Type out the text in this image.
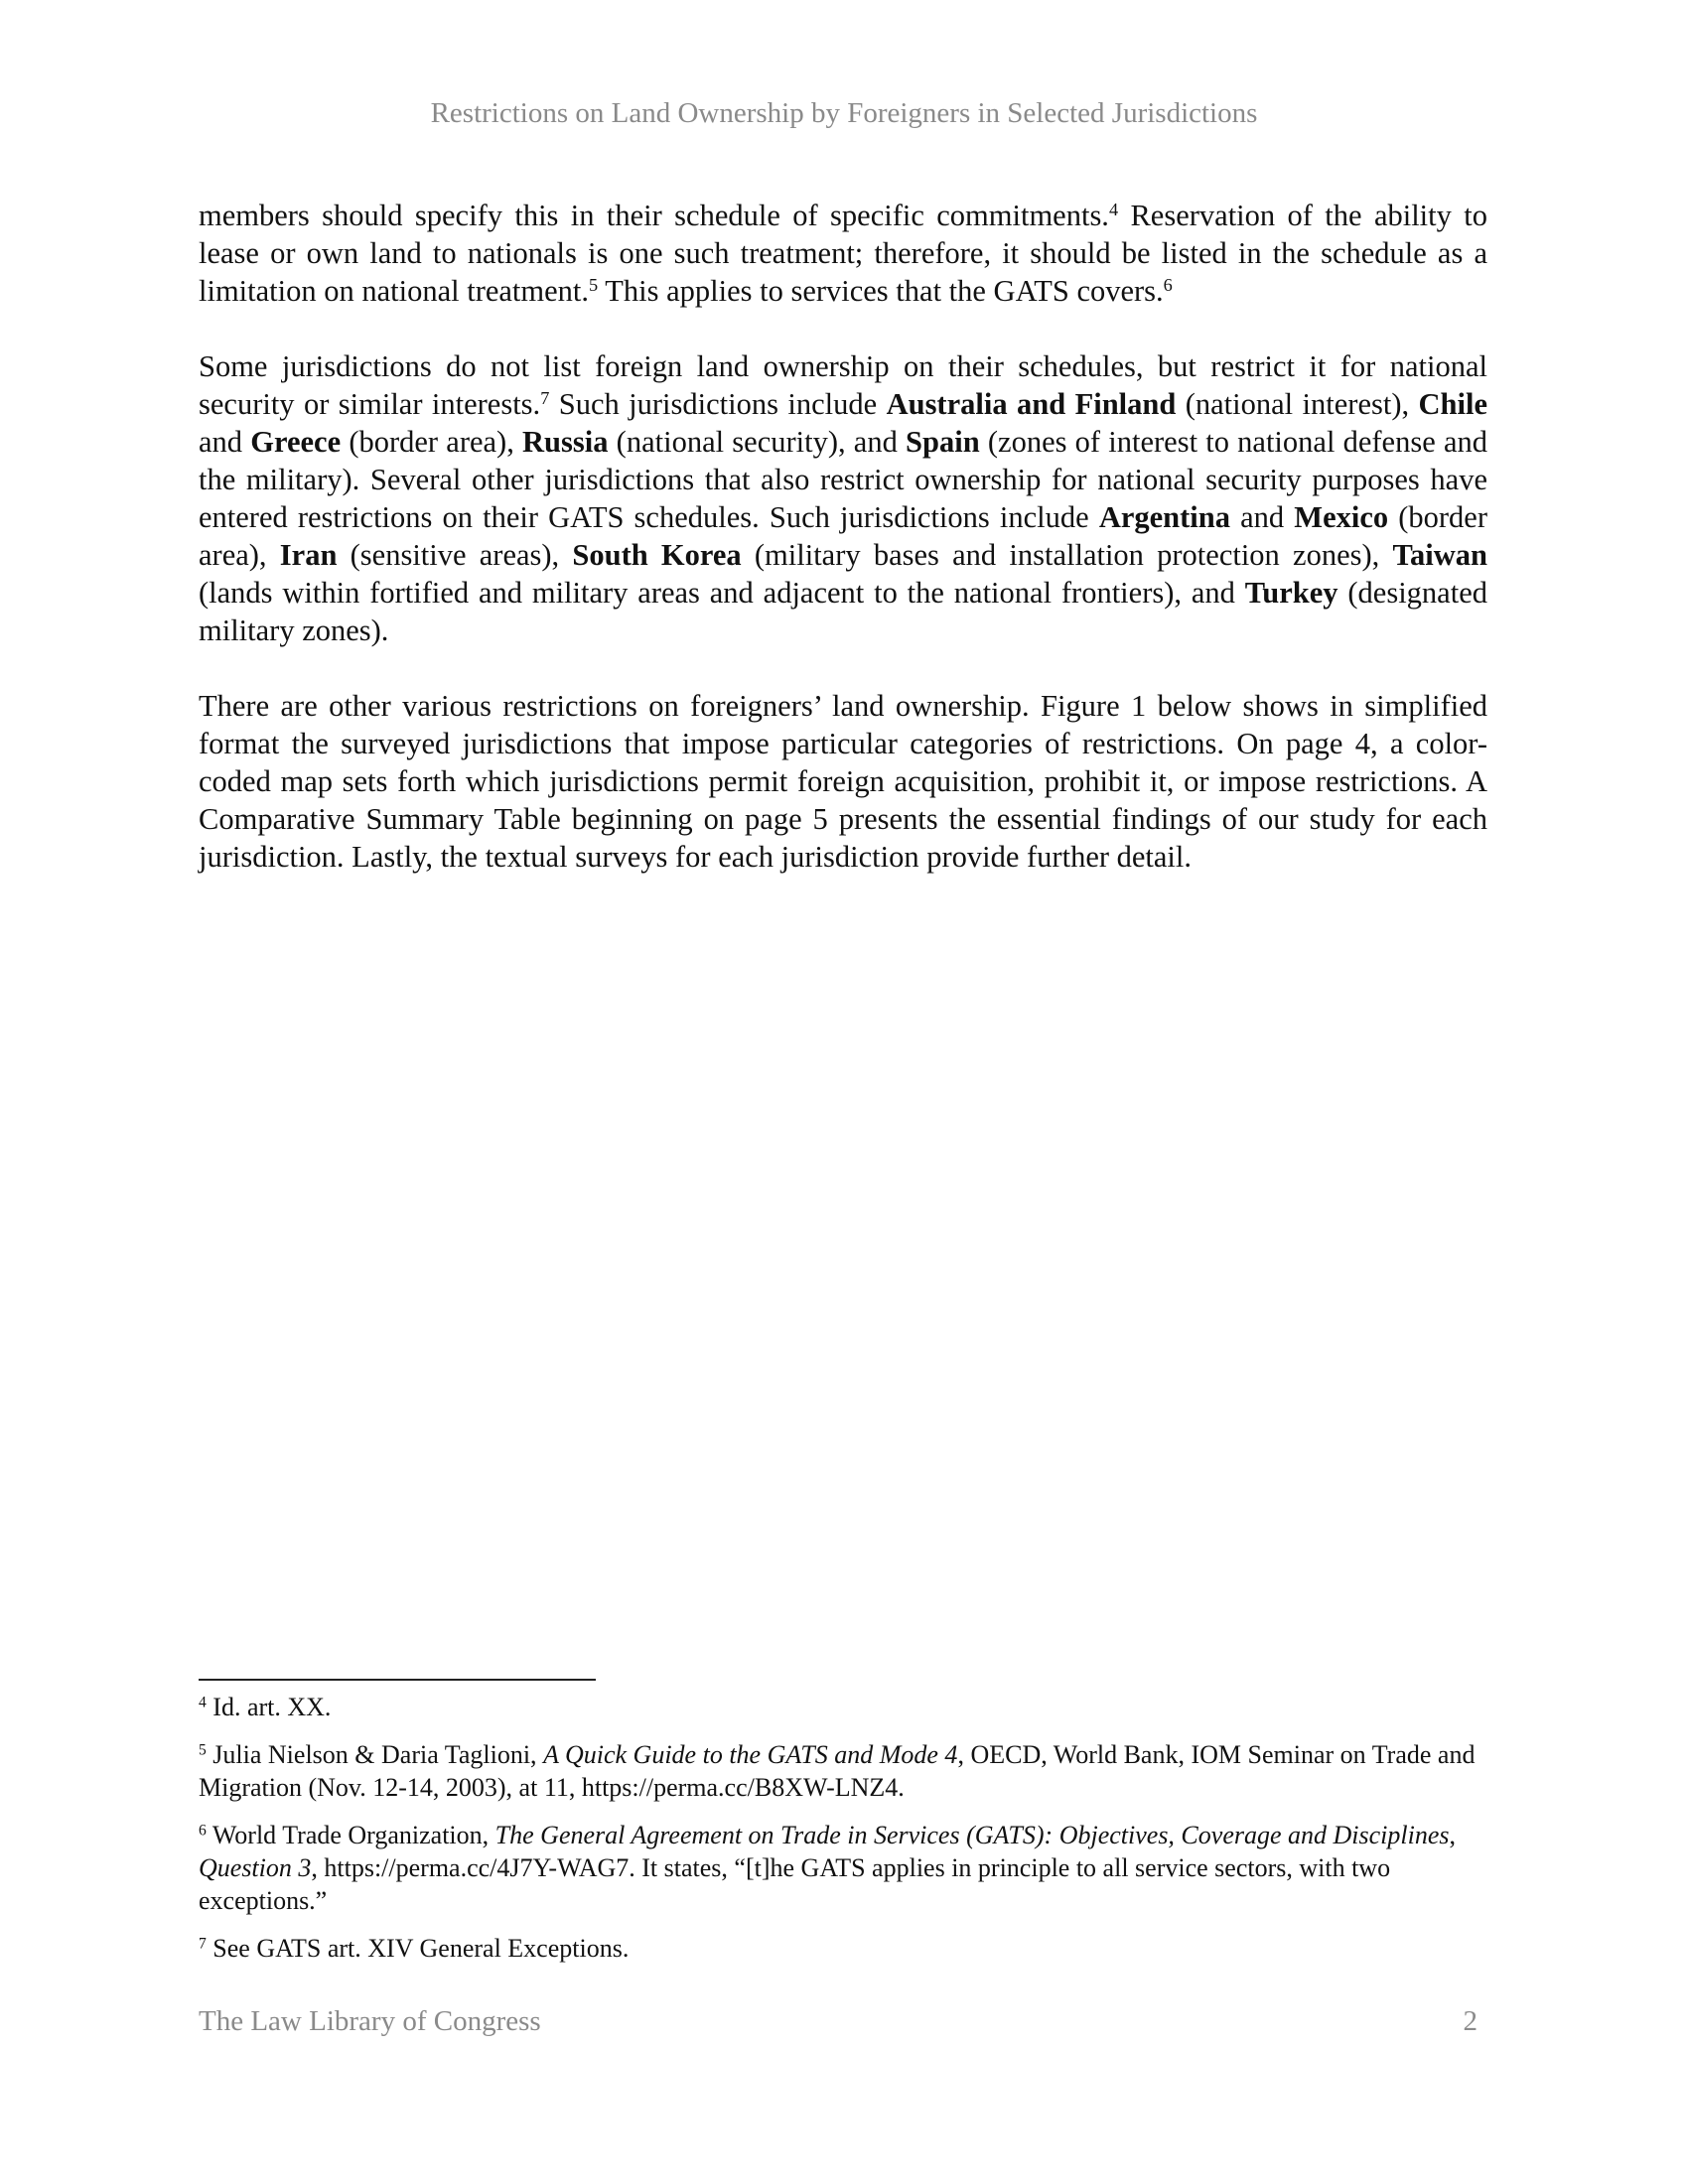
Restrictions on Land Ownership by Foreigners in Selected Jurisdictions

members should specify this in their schedule of specific commitments.$^4$ Reservation of the ability to lease or own land to nationals is one such treatment; therefore, it should be listed in the schedule as a limitation on national treatment.$^5$ This applies to services that the GATS covers.$^6$

Some jurisdictions do not list foreign land ownership on their schedules, but restrict it for national security or similar interests.$^7$ Such jurisdictions include Australia and Finland (national interest), Chile and Greece (border area), Russia (national security), and Spain (zones of interest to national defense and the military). Several other jurisdictions that also restrict ownership for national security purposes have entered restrictions on their GATS schedules. Such jurisdictions include Argentina and Mexico (border area), Iran (sensitive areas), South Korea (military bases and installation protection zones), Taiwan (lands within fortified and military areas and adjacent to the national frontiers), and Turkey (designated military zones).

There are other various restrictions on foreigners’ land ownership. Figure 1 below shows in simplified format the surveyed jurisdictions that impose particular categories of restrictions. On page 4, a color-coded map sets forth which jurisdictions permit foreign acquisition, prohibit it, or impose restrictions. A Comparative Summary Table beginning on page 5 presents the essential findings of our study for each jurisdiction. Lastly, the textual surveys for each jurisdiction provide further detail.

$^4$ Id. art. XX.
$^5$ Julia Nielson & Daria Taglioni, A Quick Guide to the GATS and Mode 4, OECD, World Bank, IOM Seminar on Trade and Migration (Nov. 12-14, 2003), at 11, https://perma.cc/B8XW-LNZ4.
$^6$ World Trade Organization, The General Agreement on Trade in Services (GATS): Objectives, Coverage and Disciplines, Question 3, https://perma.cc/4J7Y-WAG7. It states, “[t]he GATS applies in principle to all service sectors, with two exceptions.”
$^7$ See GATS art. XIV General Exceptions.
The Law Library of Congress	2
